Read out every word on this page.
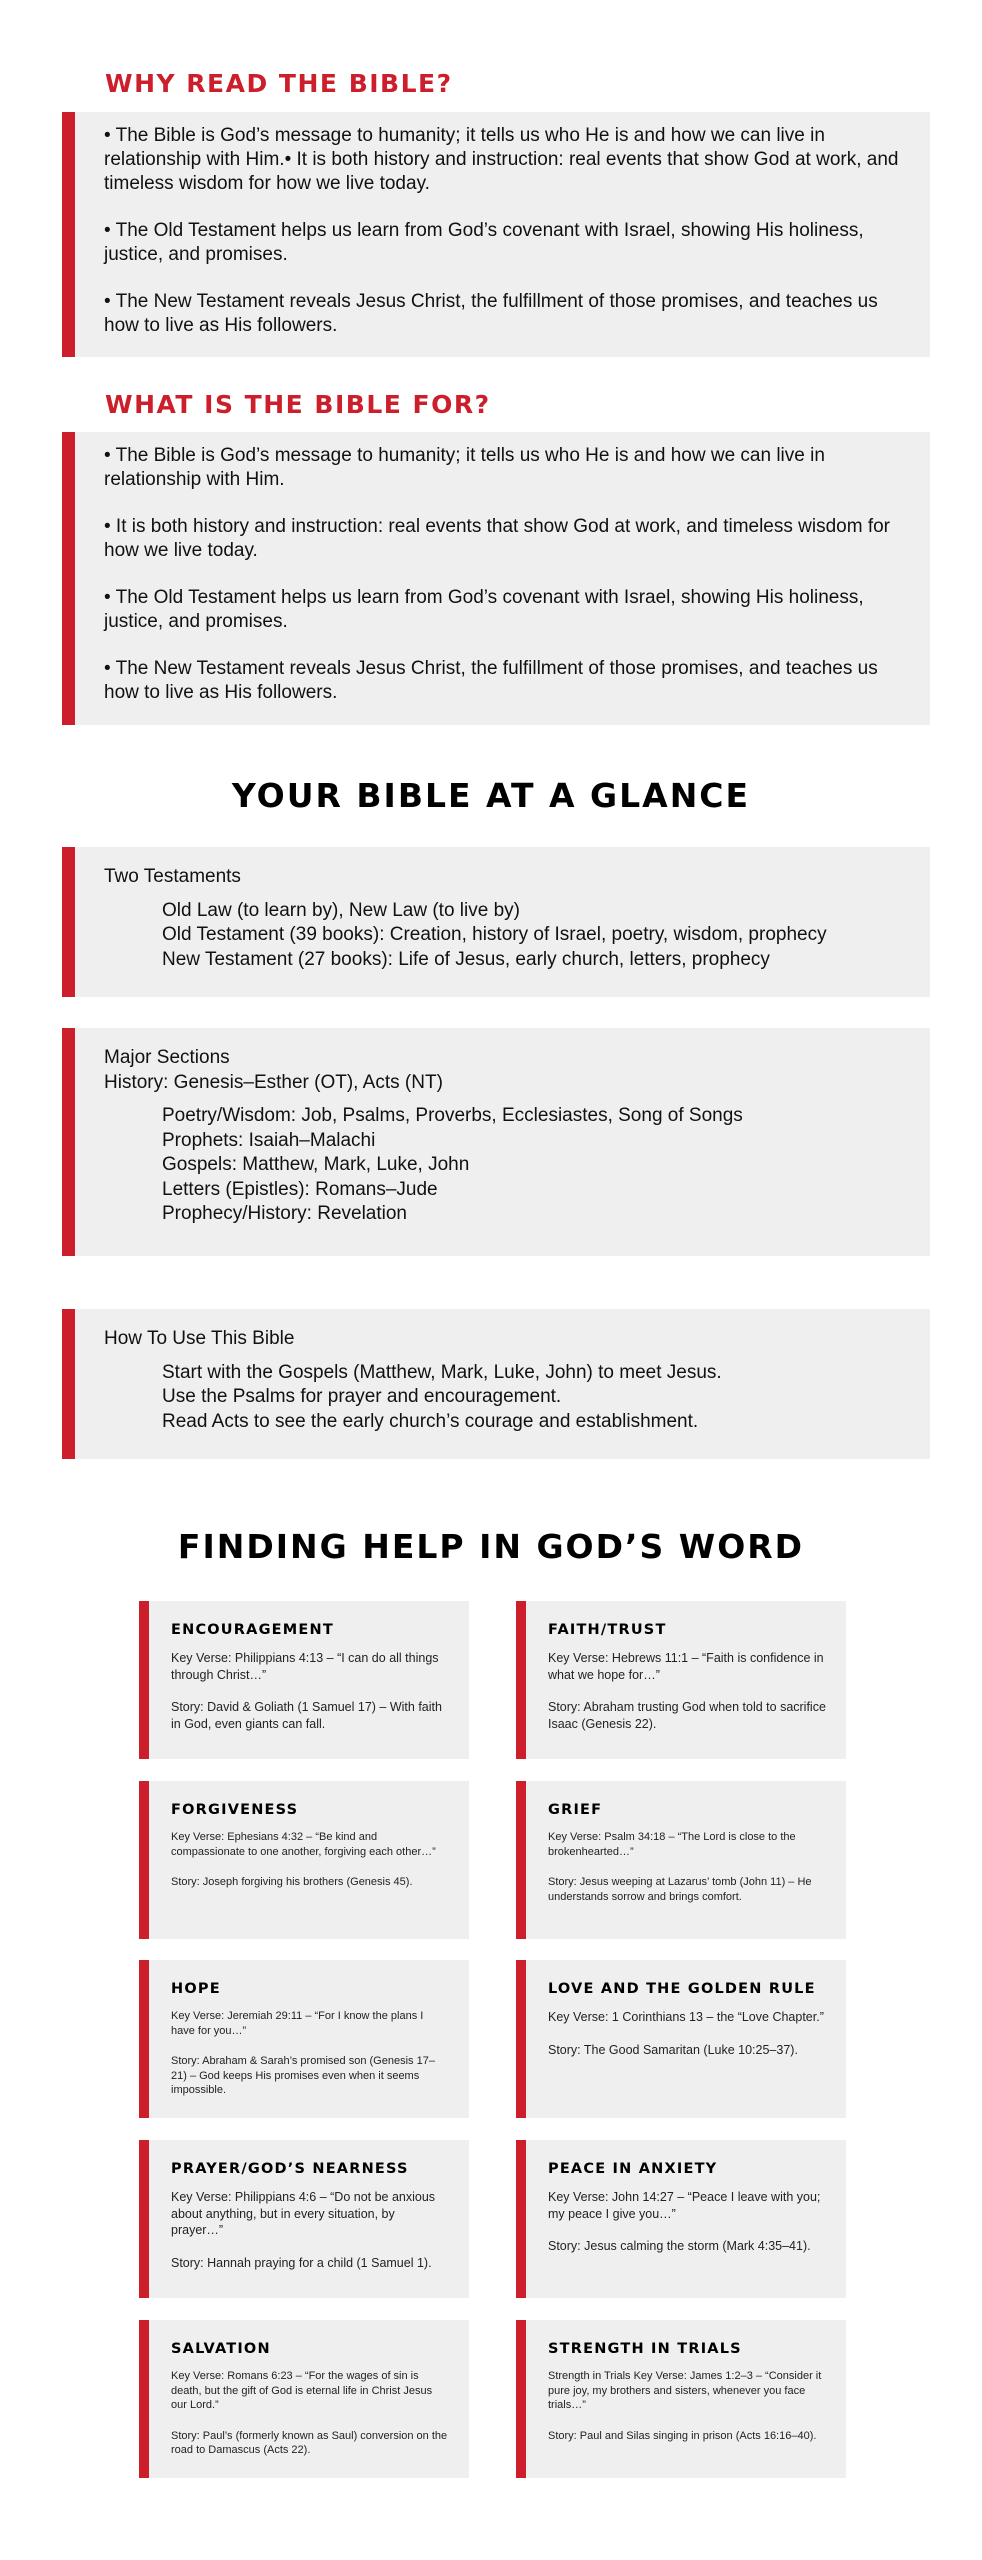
WHY READ THE BIBLE?

• The Bible is God’s message to humanity; it tells us who He is and how we can live in relationship with Him.• It is both history and instruction: real events that show God at work, and timeless wisdom for how we live today.

• The Old Testament helps us learn from God’s covenant with Israel, showing His holiness, justice, and promises.

• The New Testament reveals Jesus Christ, the fulfillment of those promises, and teaches us how to live as His followers.

WHAT IS THE BIBLE FOR?

• The Bible is God’s message to humanity; it tells us who He is and how we can live in relationship with Him.

• It is both history and instruction: real events that show God at work, and timeless wisdom for how we live today.

• The Old Testament helps us learn from God’s covenant with Israel, showing His holiness, justice, and promises.

• The New Testament reveals Jesus Christ, the fulfillment of those promises, and teaches us how to live as His followers.

YOUR BIBLE AT A GLANCE

Two Testaments

Old Law (to learn by), New Law (to live by)

Old Testament (39 books): Creation, history of Israel, poetry, wisdom, prophecy

New Testament (27 books): Life of Jesus, early church, letters, prophecy

Major Sections

History: Genesis–Esther (OT), Acts (NT)

Poetry/Wisdom: Job, Psalms, Proverbs, Ecclesiastes, Song of Songs

Prophets: Isaiah–Malachi

Gospels: Matthew, Mark, Luke, John

Letters (Epistles): Romans–Jude

Prophecy/History: Revelation

How To Use This Bible

Start with the Gospels (Matthew, Mark, Luke, John) to meet Jesus.

Use the Psalms for prayer and encouragement.

Read Acts to see the early church’s courage and establishment.

FINDING HELP IN GOD’S WORD
ENCOURAGEMENT

Key Verse: Philippians 4:13 – “I can do all things through Christ…”

Story: David & Goliath (1 Samuel 17) – With faith in God, even giants can fall.

FAITH/TRUST

Key Verse: Hebrews 11:1 – “Faith is confidence in what we hope for…”

Story: Abraham trusting God when told to sacrifice Isaac (Genesis 22).

FORGIVENESS

Key Verse: Ephesians 4:32 – “Be kind and compassionate to one another, forgiving each other…”

Story: Joseph forgiving his brothers (Genesis 45).

GRIEF

Key Verse: Psalm 34:18 – “The Lord is close to the brokenhearted…”

Story: Jesus weeping at Lazarus’ tomb (John 11) – He understands sorrow and brings comfort.

HOPE

Key Verse: Jeremiah 29:11 – “For I know the plans I have for you…”

Story: Abraham & Sarah’s promised son (Genesis 17–21) – God keeps His promises even when it seems impossible.

LOVE AND THE GOLDEN RULE

Key Verse: 1 Corinthians 13 – the “Love Chapter.”

Story: The Good Samaritan (Luke 10:25–37).

PRAYER/GOD’S NEARNESS

Key Verse: Philippians 4:6 – “Do not be anxious about anything, but in every situation, by prayer…”

Story: Hannah praying for a child (1 Samuel 1).

PEACE IN ANXIETY

Key Verse: John 14:27 – “Peace I leave with you; my peace I give you…”

Story: Jesus calming the storm (Mark 4:35–41).

SALVATION

Key Verse: Romans 6:23 – “For the wages of sin is death, but the gift of God is eternal life in Christ Jesus our Lord.”

Story: Paul’s (formerly known as Saul) conversion on the road to Damascus (Acts 22).

STRENGTH IN TRIALS

Strength in Trials Key Verse: James 1:2–3 – “Consider it pure joy, my brothers and sisters, whenever you face trials…”

Story: Paul and Silas singing in prison (Acts 16:16–40).
